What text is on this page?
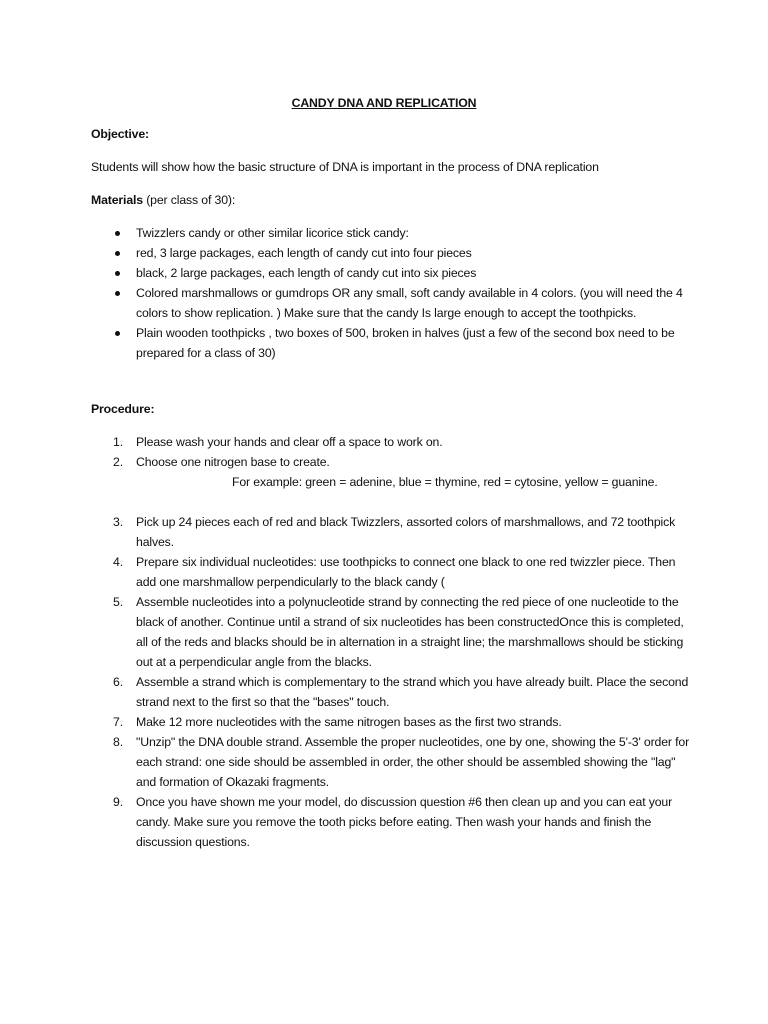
CANDY DNA AND REPLICATION

Objective:

Students will show how the basic structure of DNA is important in the process of DNA replication

Materials (per class of 30):

Twizzlers candy or other similar licorice stick candy:
red, 3 large packages, each length of candy cut into four pieces
black, 2 large packages, each length of candy cut into six pieces
Colored marshmallows or gumdrops OR any small, soft candy available in 4 colors. (you will need the 4 colors to show replication. ) Make sure that the candy Is large enough to accept the toothpicks.
Plain wooden toothpicks , two boxes of 500, broken in halves (just a few of the second box need to be prepared for a class of 30)

Procedure:

1. Please wash your hands and clear off a space to work on.
2. Choose one nitrogen base to create.
For example: green = adenine, blue = thymine, red = cytosine, yellow = guanine.
3. Pick up 24 pieces each of red and black Twizzlers, assorted colors of marshmallows, and 72 toothpick halves.
4. Prepare six individual nucleotides: use toothpicks to connect one black to one red twizzler piece. Then add one marshmallow perpendicularly to the black candy (
5. Assemble nucleotides into a polynucleotide strand by connecting the red piece of one nucleotide to the black of another. Continue until a strand of six nucleotides has been constructedOnce this is completed, all of the reds and blacks should be in alternation in a straight line; the marshmallows should be sticking out at a perpendicular angle from the blacks.
6. Assemble a strand which is complementary to the strand which you have already built. Place the second strand next to the first so that the "bases" touch.
7. Make 12 more nucleotides with the same nitrogen bases as the first two strands.
8. "Unzip" the DNA double strand. Assemble the proper nucleotides, one by one, showing the 5'-3' order for each strand: one side should be assembled in order, the other should be assembled showing the "lag" and formation of Okazaki fragments.
9. Once you have shown me your model, do discussion question #6 then clean up and you can eat your candy. Make sure you remove the tooth picks before eating. Then wash your hands and finish the discussion questions.
